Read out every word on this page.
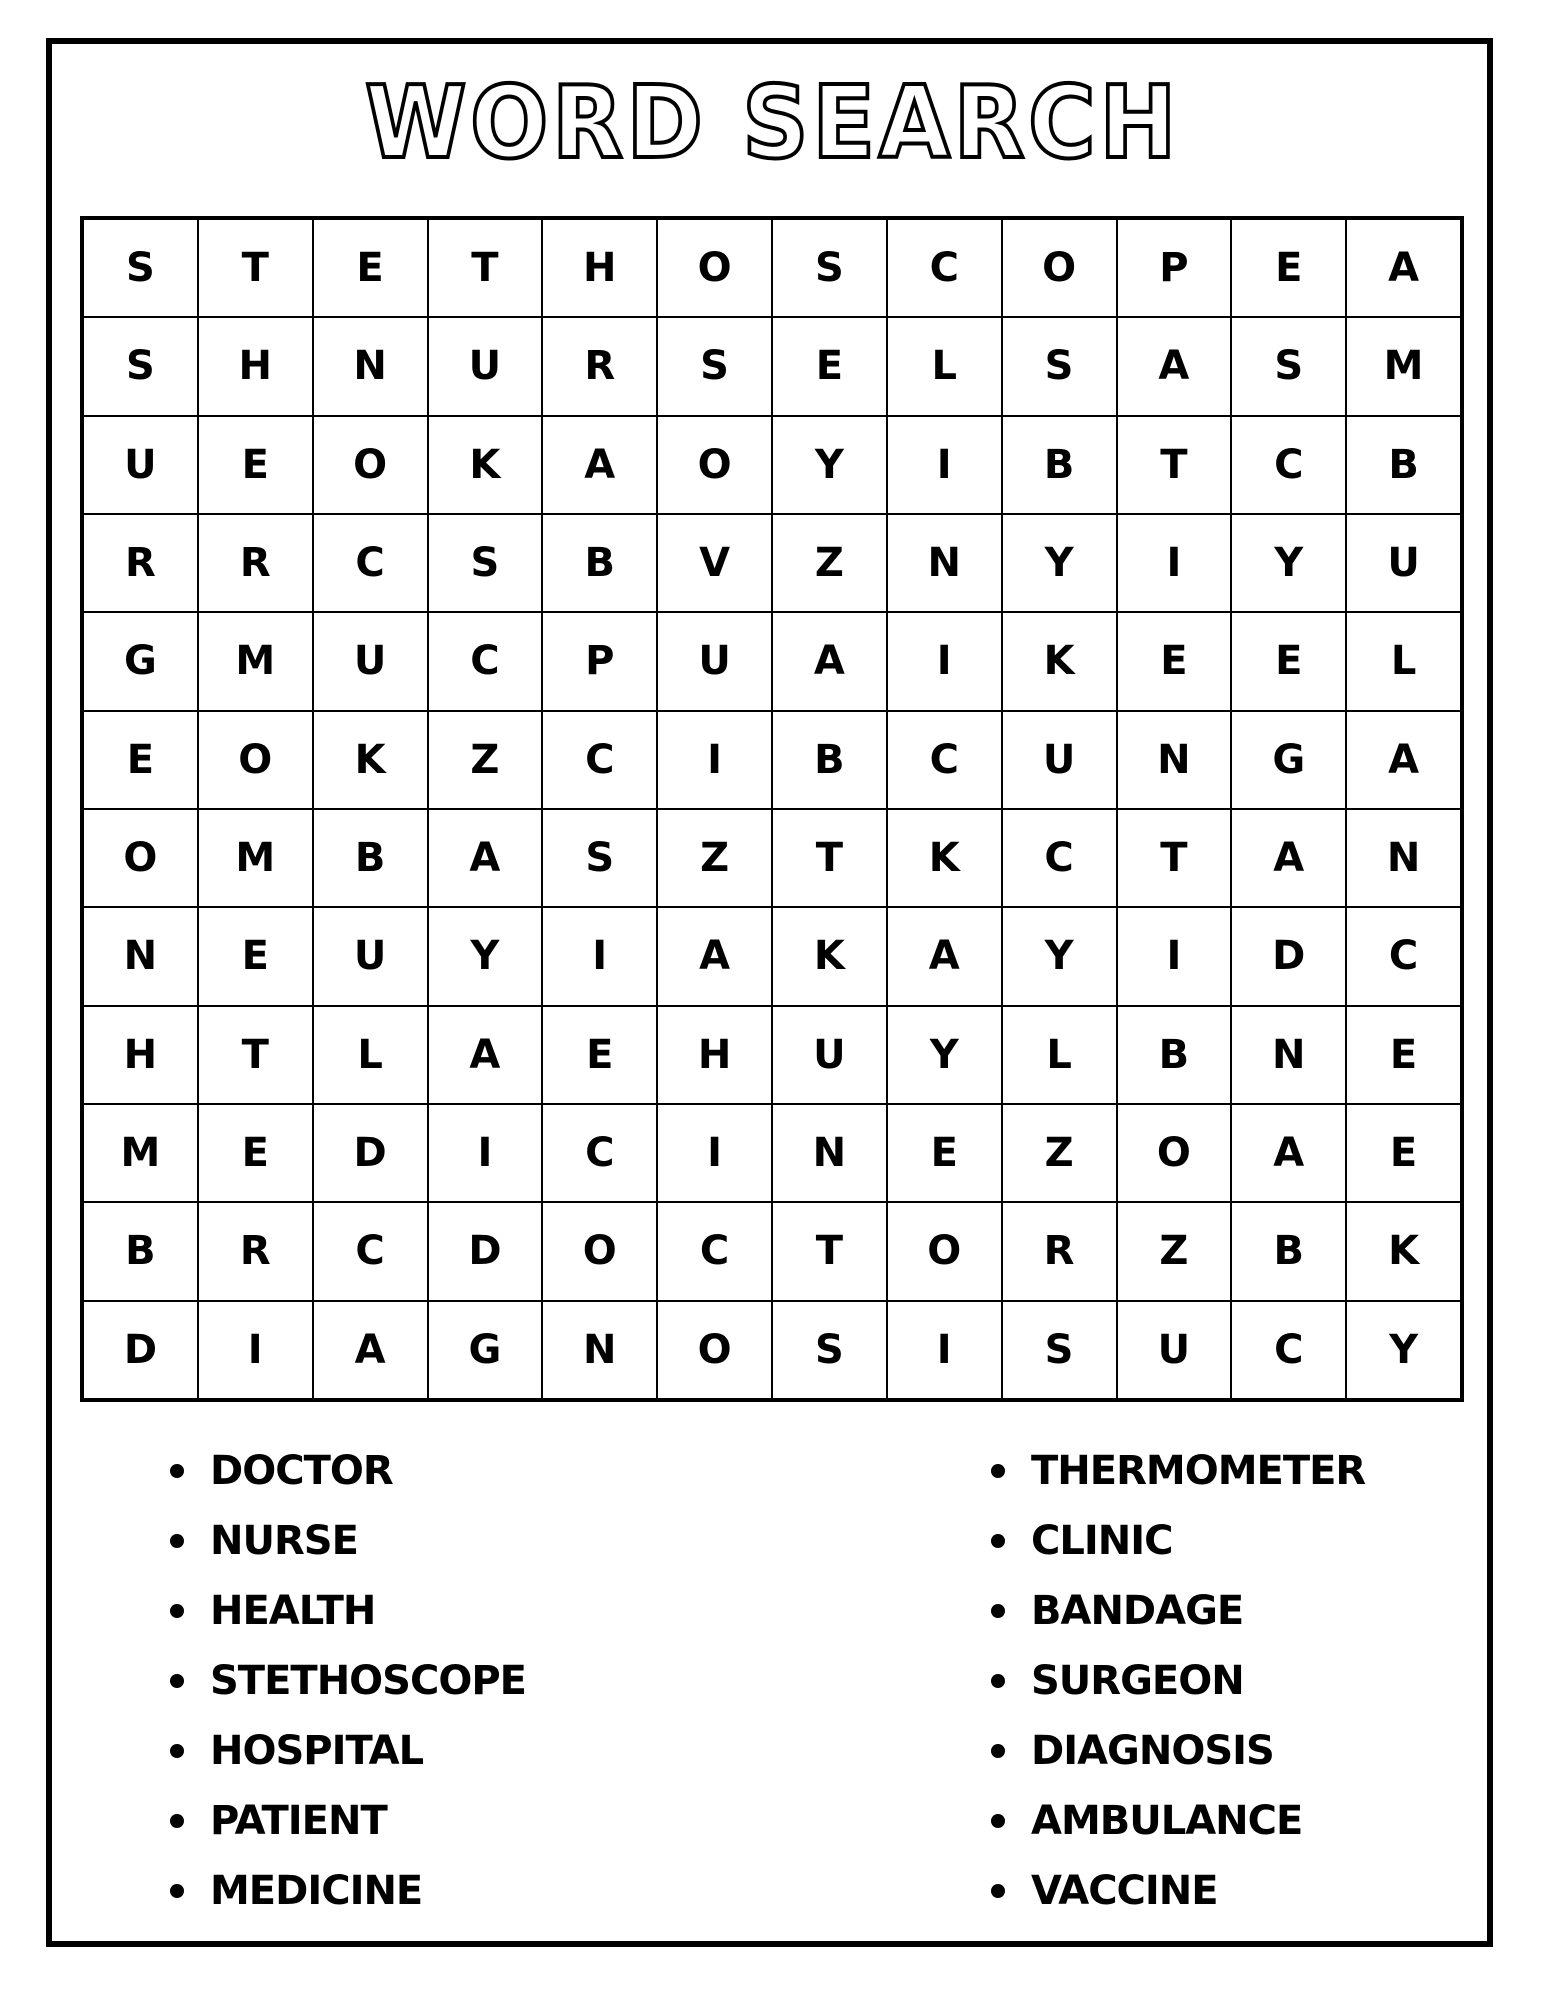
WORD SEARCH
S	T	E	T	H	O	S	C	O	P	E	A
S	H	N	U	R	S	E	L	S	A	S	M
U	E	O	K	A	O	Y	I	B	T	C	B
R	R	C	S	B	V	Z	N	Y	I	Y	U
G	M	U	C	P	U	A	I	K	E	E	L
E	O	K	Z	C	I	B	C	U	N	G	A
O	M	B	A	S	Z	T	K	C	T	A	N
N	E	U	Y	I	A	K	A	Y	I	D	C
H	T	L	A	E	H	U	Y	L	B	N	E
M	E	D	I	C	I	N	E	Z	O	A	E
B	R	C	D	O	C	T	O	R	Z	B	K
D	I	A	G	N	O	S	I	S	U	C	Y
DOCTOR
NURSE
HEALTH
STETHOSCOPE
HOSPITAL
PATIENT
MEDICINE
THERMOMETER
CLINIC
BANDAGE
SURGEON
DIAGNOSIS
AMBULANCE
VACCINE
